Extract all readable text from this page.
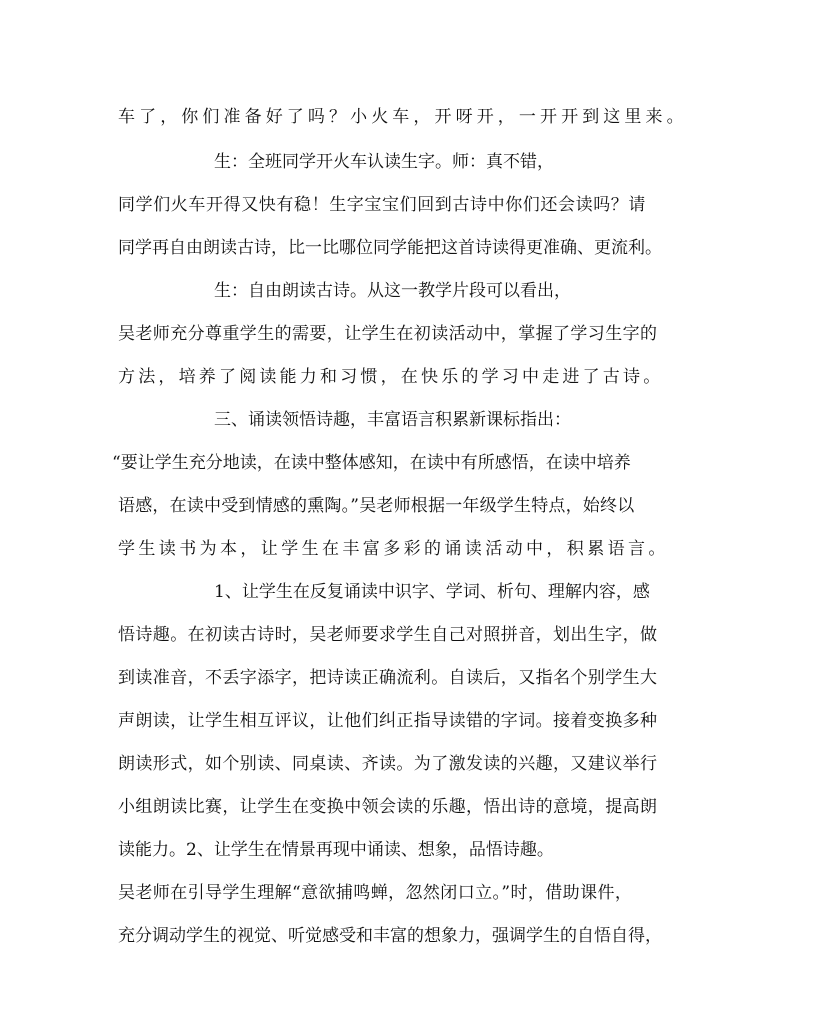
车了，你们准备好了吗？小火车，开呀开，一开开到这里来。
生：全班同学开火车认读生字。师：真不错，
同学们火车开得又快有稳！生字宝宝们回到古诗中你们还会读吗？请
同学再自由朗读古诗，比一比哪位同学能把这首诗读得更准确、更流利。
生：自由朗读古诗。从这一教学片段可以看出，
吴老师充分尊重学生的需要，让学生在初读活动中，掌握了学习生字的
方法，培养了阅读能力和习惯，在快乐的学习中走进了古诗。
三、诵读领悟诗趣，丰富语言积累新课标指出：
“要让学生充分地读，在读中整体感知，在读中有所感悟，在读中培养
语感，在读中受到情感的熏陶。”吴老师根据一年级学生特点，始终以
学生读书为本，让学生在丰富多彩的诵读活动中，积累语言。
1、让学生在反复诵读中识字、学词、析句、理解内容，感
悟诗趣。在初读古诗时，吴老师要求学生自己对照拼音，划出生字，做
到读准音，不丢字添字，把诗读正确流利。自读后，又指名个别学生大
声朗读，让学生相互评议，让他们纠正指导读错的字词。接着变换多种
朗读形式，如个别读、同桌读、齐读。为了激发读的兴趣，又建议举行
小组朗读比赛，让学生在变换中领会读的乐趣，悟出诗的意境，提高朗
读能力。2、让学生在情景再现中诵读、想象，品悟诗趣。
吴老师在引导学生理解“意欲捕鸣蝉，忽然闭口立。”时，借助课件，
充分调动学生的视觉、听觉感受和丰富的想象力，强调学生的自悟自得，
